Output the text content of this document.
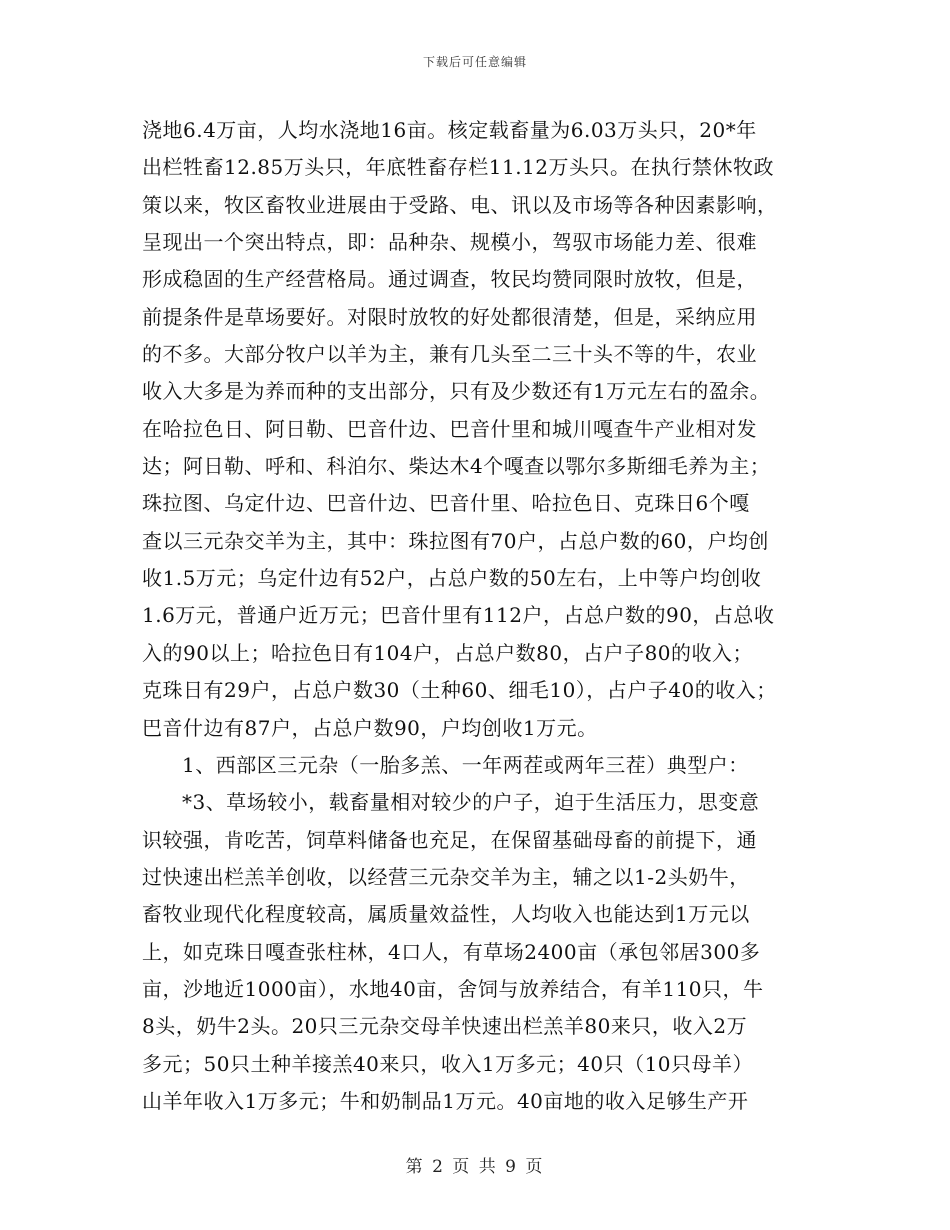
下载后可任意编辑
浇地6.4万亩，人均水浇地16亩。核定载畜量为6.03万头只，20*年
出栏牲畜12.85万头只，年底牲畜存栏11.12万头只。在执行禁休牧政
策以来，牧区畜牧业进展由于受路、电、讯以及市场等各种因素影响，
呈现出一个突出特点，即：品种杂、规模小，驾驭市场能力差、很难
形成稳固的生产经营格局。通过调查，牧民均赞同限时放牧，但是，
前提条件是草场要好。对限时放牧的好处都很清楚，但是，采纳应用
的不多。大部分牧户以羊为主，兼有几头至二三十头不等的牛，农业
收入大多是为养而种的支出部分，只有及少数还有1万元左右的盈余。
在哈拉色日、阿日勒、巴音什边、巴音什里和城川嘎查牛产业相对发
达；阿日勒、呼和、科泊尔、柴达木4个嘎查以鄂尔多斯细毛养为主；
珠拉图、乌定什边、巴音什边、巴音什里、哈拉色日、克珠日6个嘎
查以三元杂交羊为主，其中：珠拉图有70户，占总户数的60，户均创
收1.5万元；乌定什边有52户，占总户数的50左右，上中等户均创收
1.6万元，普通户近万元；巴音什里有112户，占总户数的90，占总收
入的90以上；哈拉色日有104户，占总户数80，占户子80的收入；
克珠日有29户，占总户数30（土种60、细毛10），占户子40的收入；
巴音什边有87户，占总户数90，户均创收1万元。
1、西部区三元杂（一胎多羔、一年两茬或两年三茬）典型户：
*3、草场较小，载畜量相对较少的户子，迫于生活压力，思变意
识较强，肯吃苦，饲草料储备也充足，在保留基础母畜的前提下，通
过快速出栏羔羊创收，以经营三元杂交羊为主，辅之以1-2头奶牛，
畜牧业现代化程度较高，属质量效益性，人均收入也能达到1万元以
上，如克珠日嘎查张柱林，4口人，有草场2400亩（承包邻居300多
亩，沙地近1000亩），水地40亩，舍饲与放养结合，有羊110只，牛
8头，奶牛2头。20只三元杂交母羊快速出栏羔羊80来只，收入2万
多元；50只土种羊接羔40来只，收入1万多元；40只（10只母羊）
山羊年收入1万多元；牛和奶制品1万元。40亩地的收入足够生产开
第 2 页 共 9 页
